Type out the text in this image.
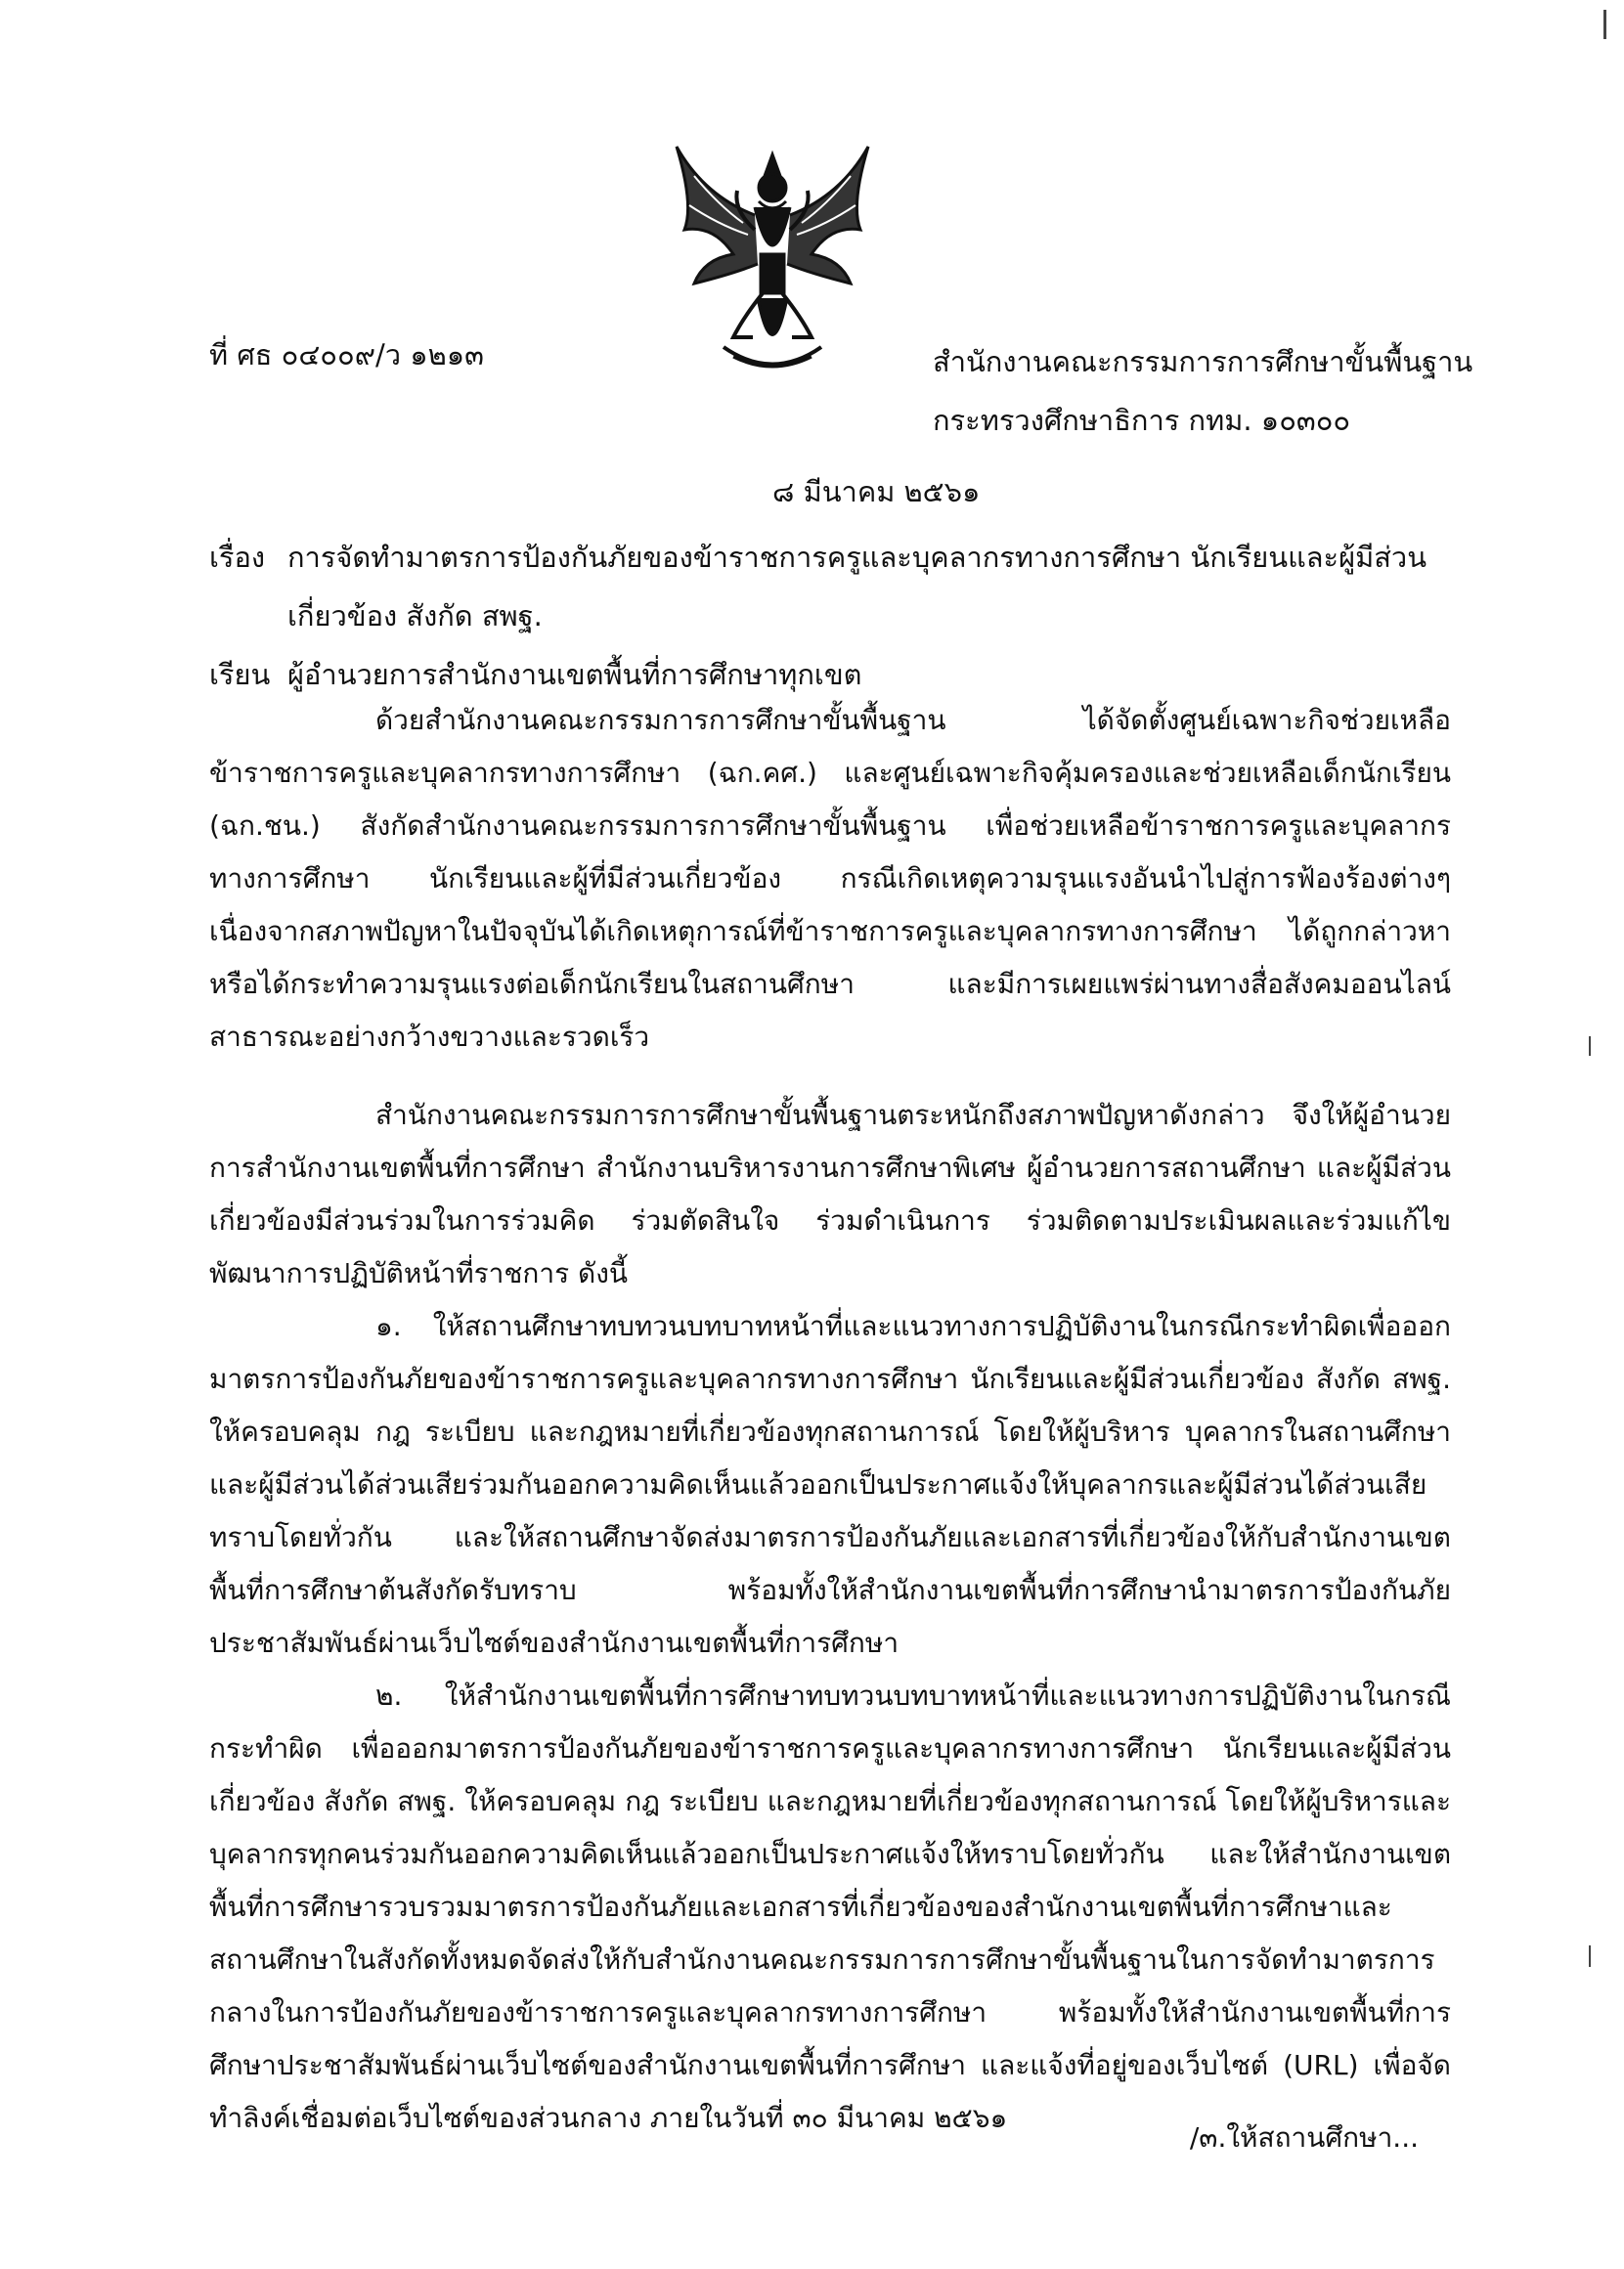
ที่ ศธ ๐๔๐๐๙/ว ๑๒๑๓	สำนักงานคณะกรรมการการศึกษาขั้นพื้นฐาน
กระทรวงศึกษาธิการ กทม. ๑๐๓๐๐
๘ มีนาคม ๒๕๖๑
เรื่อง การจัดทำมาตรการป้องกันภัยของข้าราชการครูและบุคลากรทางการศึกษา นักเรียนและผู้มีส่วนเกี่ยวข้อง สังกัด สพฐ.
เรียน ผู้อำนวยการสำนักงานเขตพื้นที่การศึกษาทุกเขต

ด้วยสำนักงานคณะกรรมการการศึกษาขั้นพื้นฐาน ได้จัดตั้งศูนย์เฉพาะกิจช่วยเหลือข้าราชการครูและบุคลากรทางการศึกษา (ฉก.คศ.) และศูนย์เฉพาะกิจคุ้มครองและช่วยเหลือเด็กนักเรียน (ฉก.ชน.) สังกัดสำนักงานคณะกรรมการการศึกษาขั้นพื้นฐาน เพื่อช่วยเหลือข้าราชการครูและบุคลากรทางการศึกษา นักเรียนและผู้ที่มีส่วนเกี่ยวข้อง กรณีเกิดเหตุความรุนแรงอันนำไปสู่การฟ้องร้องต่างๆ เนื่องจากสภาพปัญหาในปัจจุบันได้เกิดเหตุการณ์ที่ข้าราชการครูและบุคลากรทางการศึกษา ได้ถูกกล่าวหาหรือได้กระทำความรุนแรงต่อเด็กนักเรียนในสถานศึกษา และมีการเผยแพร่ผ่านทางสื่อสังคมออนไลน์สาธารณะอย่างกว้างขวางและรวดเร็ว

สำนักงานคณะกรรมการการศึกษาขั้นพื้นฐานตระหนักถึงสภาพปัญหาดังกล่าว จึงให้ผู้อำนวยการสำนักงานเขตพื้นที่การศึกษา สำนักงานบริหารงานการศึกษาพิเศษ ผู้อำนวยการสถานศึกษา และผู้มีส่วนเกี่ยวข้องมีส่วนร่วมในการร่วมคิด ร่วมตัดสินใจ ร่วมดำเนินการ ร่วมติดตามประเมินผลและร่วมแก้ไขพัฒนาการปฏิบัติหน้าที่ราชการ ดังนี้

๑. ให้สถานศึกษาทบทวนบทบาทหน้าที่และแนวทางการปฏิบัติงานในกรณีกระทำผิดเพื่อออกมาตรการป้องกันภัยของข้าราชการครูและบุคลากรทางการศึกษา นักเรียนและผู้มีส่วนเกี่ยวข้อง สังกัด สพฐ. ให้ครอบคลุม กฎ ระเบียบ และกฎหมายที่เกี่ยวข้องทุกสถานการณ์ โดยให้ผู้บริหาร บุคลากรในสถานศึกษา และผู้มีส่วนได้ส่วนเสียร่วมกันออกความคิดเห็นแล้วออกเป็นประกาศแจ้งให้บุคลากรและผู้มีส่วนได้ส่วนเสียทราบโดยทั่วกัน และให้สถานศึกษาจัดส่งมาตรการป้องกันภัยและเอกสารที่เกี่ยวข้องให้กับสำนักงานเขตพื้นที่การศึกษาต้นสังกัดรับทราบ พร้อมทั้งให้สำนักงานเขตพื้นที่การศึกษานำมาตรการป้องกันภัยประชาสัมพันธ์ผ่านเว็บไซต์ของสำนักงานเขตพื้นที่การศึกษา

๒. ให้สำนักงานเขตพื้นที่การศึกษาทบทวนบทบาทหน้าที่และแนวทางการปฏิบัติงานในกรณีกระทำผิด เพื่อออกมาตรการป้องกันภัยของข้าราชการครูและบุคลากรทางการศึกษา นักเรียนและผู้มีส่วนเกี่ยวข้อง สังกัด สพฐ. ให้ครอบคลุม กฎ ระเบียบ และกฎหมายที่เกี่ยวข้องทุกสถานการณ์ โดยให้ผู้บริหารและบุคลากรทุกคนร่วมกันออกความคิดเห็นแล้วออกเป็นประกาศแจ้งให้ทราบโดยทั่วกัน และให้สำนักงานเขตพื้นที่การศึกษารวบรวมมาตรการป้องกันภัยและเอกสารที่เกี่ยวข้องของสำนักงานเขตพื้นที่การศึกษาและสถานศึกษาในสังกัดทั้งหมดจัดส่งให้กับสำนักงานคณะกรรมการการศึกษาขั้นพื้นฐานในการจัดทำมาตรการกลางในการป้องกันภัยของข้าราชการครูและบุคลากรทางการศึกษา พร้อมทั้งให้สำนักงานเขตพื้นที่การศึกษาประชาสัมพันธ์ผ่านเว็บไซต์ของสำนักงานเขตพื้นที่การศึกษา และแจ้งที่อยู่ของเว็บไซต์ (URL) เพื่อจัดทำลิงค์เชื่อมต่อเว็บไซต์ของส่วนกลาง ภายในวันที่ ๓๐ มีนาคม ๒๕๖๑

/๓.ให้สถานศึกษา...
